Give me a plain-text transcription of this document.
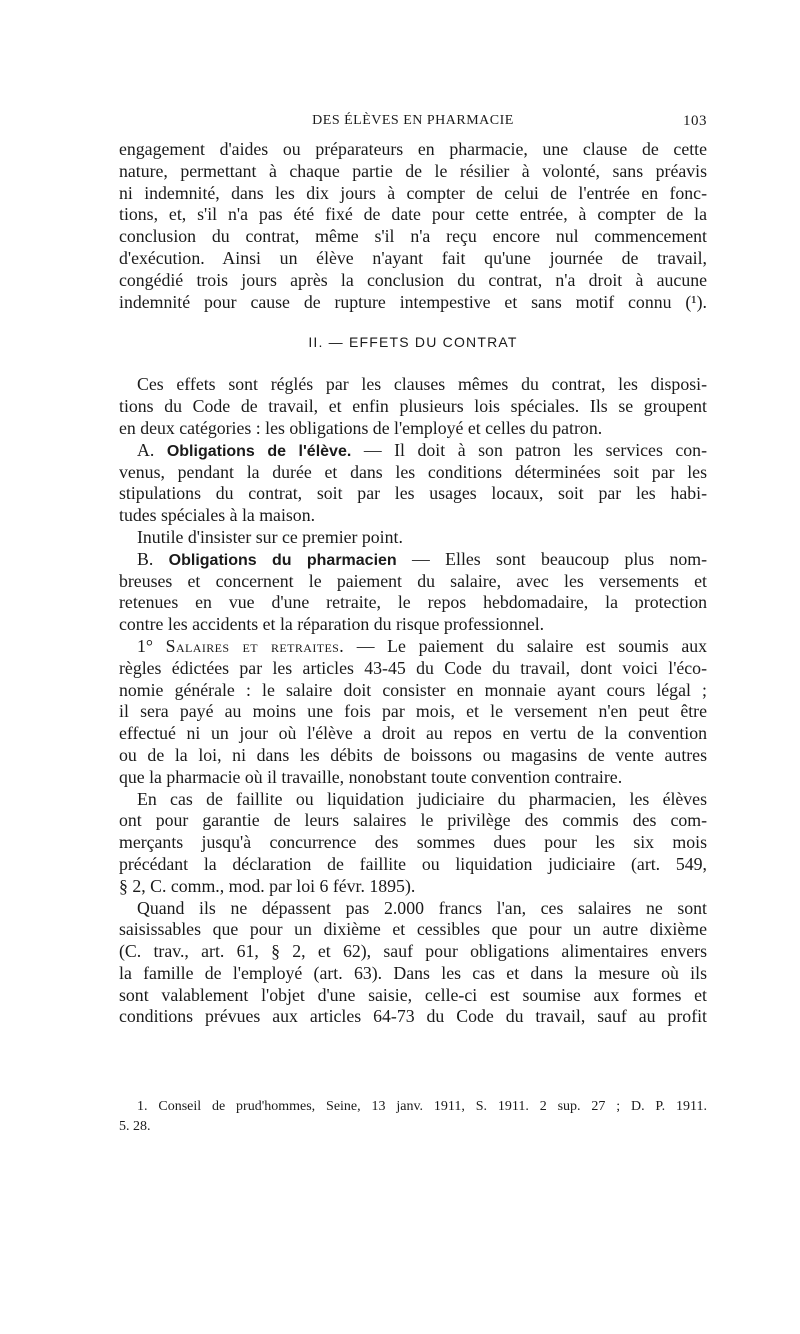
DES ÉLÈVES EN PHARMACIE	103
engagement d'aides ou préparateurs en pharmacie, une clause de cette
nature, permettant à chaque partie de le résilier à volonté, sans préavis
ni indemnité, dans les dix jours à compter de celui de l'entrée en fonc-
tions, et, s'il n'a pas été fixé de date pour cette entrée, à compter de la
conclusion du contrat, même s'il n'a reçu encore nul commencement
d'exécution. Ainsi un élève n'ayant fait qu'une journée de travail,
congédié trois jours après la conclusion du contrat, n'a droit à aucune
indemnité pour cause de rupture intempestive et sans motif connu (¹).
II. — EFFETS DU CONTRAT
Ces effets sont réglés par les clauses mêmes du contrat, les disposi-
tions du Code de travail, et enfin plusieurs lois spéciales. Ils se groupent
en deux catégories : les obligations de l'employé et celles du patron.
A. Obligations de l'élève. — Il doit à son patron les services con-
venus, pendant la durée et dans les conditions déterminées soit par les
stipulations du contrat, soit par les usages locaux, soit par les habi-
tudes spéciales à la maison.
Inutile d'insister sur ce premier point.
B. Obligations du pharmacien — Elles sont beaucoup plus nom-
breuses et concernent le paiement du salaire, avec les versements et
retenues en vue d'une retraite, le repos hebdomadaire, la protection
contre les accidents et la réparation du risque professionnel.
1° Salaires et retraites. — Le paiement du salaire est soumis aux
règles édictées par les articles 43-45 du Code du travail, dont voici l'éco-
nomie générale : le salaire doit consister en monnaie ayant cours légal ;
il sera payé au moins une fois par mois, et le versement n'en peut être
effectué ni un jour où l'élève a droit au repos en vertu de la convention
ou de la loi, ni dans les débits de boissons ou magasins de vente autres
que la pharmacie où il travaille, nonobstant toute convention contraire.
En cas de faillite ou liquidation judiciaire du pharmacien, les élèves
ont pour garantie de leurs salaires le privilège des commis des com-
merçants jusqu'à concurrence des sommes dues pour les six mois
précédant la déclaration de faillite ou liquidation judiciaire (art. 549,
§ 2, C. comm., mod. par loi 6 févr. 1895).
Quand ils ne dépassent pas 2.000 francs l'an, ces salaires ne sont
saisissables que pour un dixième et cessibles que pour un autre dixième
(C. trav., art. 61, § 2, et 62), sauf pour obligations alimentaires envers
la famille de l'employé (art. 63). Dans les cas et dans la mesure où ils
sont valablement l'objet d'une saisie, celle-ci est soumise aux formes et
conditions prévues aux articles 64-73 du Code du travail, sauf au profit
1. Conseil de prud'hommes, Seine, 13 janv. 1911, S. 1911. 2 sup. 27 ; D. P. 1911.
5. 28.
